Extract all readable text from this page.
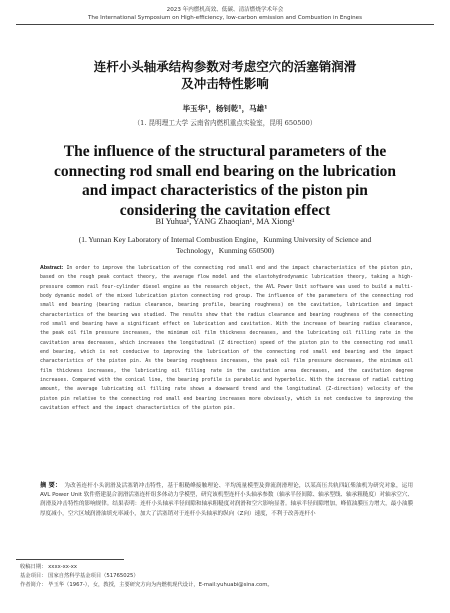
2023 年内燃机高效、低碳、清洁燃烧学术年会
The International Symposium on High-efficiency, low-carbon emission and Combustion in Engines
连杆小头轴承结构参数对考虑空穴的活塞销润滑
及冲击特性影响
毕玉华¹，杨钊乾¹，马雄¹
（1. 昆明理工大学 云南省内燃机重点实验室，昆明 650500）
The influence of the structural parameters of the
connecting rod small end bearing on the lubrication
and impact characteristics of the piston pin
considering the cavitation effect
BI Yuhua¹, YANG Zhaoqian¹, MA Xiong¹
(1. Yunnan Key Laboratory of Internal Combustion Engine，Kunming University of Science and
Technology，Kunming 650500)
Abstract: In order to improve the lubrication of the connecting rod small end and the impact characteristics of the piston pin, based on the rough peak contact theory, the average flow model and the elastohydrodynamic lubrication theory, taking a high-pressure common rail four-cylinder diesel engine as the research object, the AVL Power Unit software was used to build a multi-body dynamic model of the mixed lubrication piston connecting rod group. The influence of the parameters of the connecting rod small end bearing (bearing radius clearance, bearing profile, bearing roughness) on the cavitation, lubrication and impact characteristics of the bearing was studied. The results show that the radius clearance and bearing roughness of the connecting rod small end bearing have a significant effect on lubrication and cavitation. With the increase of bearing radius clearance, the peak oil film pressure increases, the minimum oil film thickness decreases, and the lubricating oil filling rate in the cavitation area decreases, which increases the longitudinal (Z direction) speed of the piston pin to the connecting rod small end bearing, which is not conducive to improving the lubrication of the connecting rod small end bearing and the impact characteristics of the piston pin. As the bearing roughness increases, the peak oil film pressure decreases, the minimum oil film thickness increases, the lubricating oil filling rate in the cavitation area decreases, and the cavitation degree increases. Compared with the conical line, the bearing profile is parabolic and hyperbolic. With the increase of radial cutting amount, the average lubricating oil filling rate shows a downward trend and the longitudinal (Z-direction) velocity of the piston pin relative to the connecting rod small end bearing increases more obviously, which is not conducive to improving the cavitation effect and the impact characteristics of the piston pin.
摘 要： 为改善连杆小头润滑及活塞销冲击特性，基于粗糙峰接触理论、平均流量模型及弹流润滑理论，以某高压共轨四缸柴油机为研究对象，运用 AVL Power Unit 软件搭建混合润滑活塞连杆组多体动力学模型，研究该机型连杆小头轴承参数（轴承半径间隙、轴承型线、轴承粗糙度）对轴承空穴、润滑及冲击特性的影响规律。结果表明：连杆小头轴承半径间隙和轴承粗糙度对润滑和空穴影响显著。轴承半径间隙增加，峰值油膜压力增大，最小油膜厚度减小，空穴区域润滑油填充率减小，加大了活塞销对于连杆小头轴承的纵向（Z向）速度，不利于改善连杆小
收稿日期： xxxx-xx-xx
基金项目： 国家自然科学基金项目（51765025）
作者简介： 毕玉华（1967-），女，教授，主要研究方向为内燃机现代设计，E-mail:yuhuabi@sina.com。
